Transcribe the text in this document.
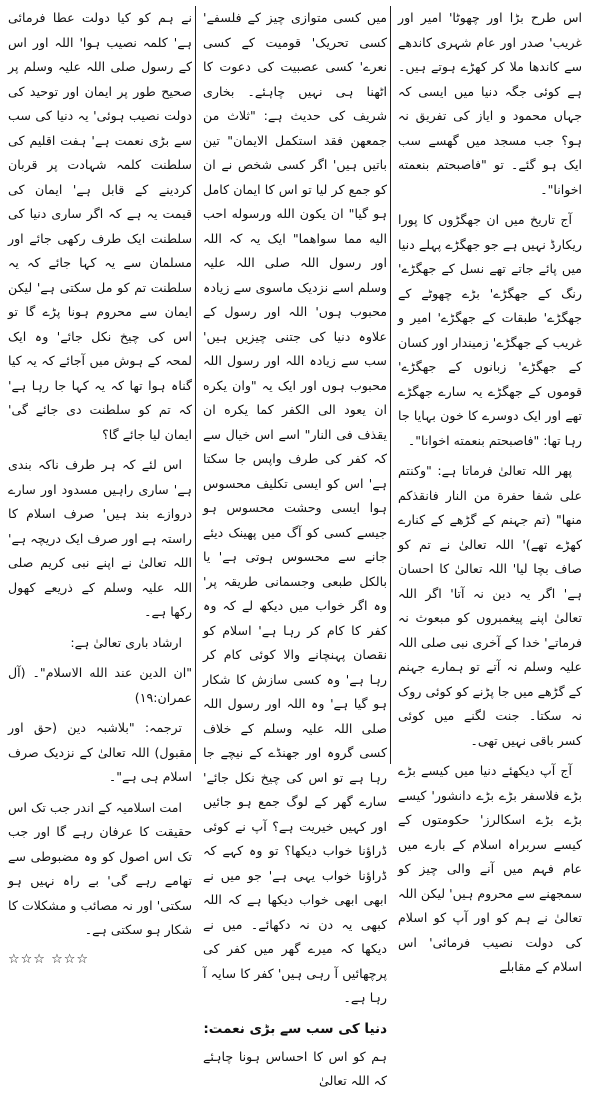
اس طرح بڑا اور چھوٹا' امیر اور غریب' صدر اور عام شہری کاندھے سے کاندھا ملا کر کھڑے ہوتے ہیں۔ ہے کوئی جگہ دنیا میں ایسی کہ جہاں محمود و ایاز کی تفریق نہ ہو؟ جب مسجد میں گھسے سب ایک ہو گئے۔ تو "فاصبحتم بنعمته اخوانا"۔

آج تاریخ میں ان جھگڑوں کا پورا ریکارڈ نہیں ہے جو جھگڑے پہلے دنیا میں پائے جاتے تھے نسل کے جھگڑے' رنگ کے جھگڑے' بڑے چھوٹے کے جھگڑے' طبقات کے جھگڑے' امیر و غریب کے جھگڑے' زمیندار اور کسان کے جھگڑے' زبانوں کے جھگڑے' قوموں کے جھگڑے یہ سارے جھگڑے تھے اور ایک دوسرے کا خون بہایا جا رہا تھا: "فاصبحتم بنعمته اخوانا"۔

پھر اللہ تعالیٰ فرماتا ہے: "وکنتم علی شفا حفرة من النار فانقذکم منها" (تم جہنم کے گڑھے کے کنارے کھڑے تھے)' اللہ تعالیٰ نے تم کو صاف بچا لیا' اللہ تعالیٰ کا احسان ہے' اگر یہ دین نہ آتا' اگر اللہ تعالیٰ اپنے پیغمبروں کو مبعوث نہ فرماتے' خدا کے آخری نبی صلی اللہ علیہ وسلم نہ آتے تو ہمارے جہنم کے گڑھے میں جا پڑنے کو کوئی روک نہ سکتا۔ جنت لگنے میں کوئی کسر باقی نہیں تھی۔

آج آپ دیکھئے دنیا میں کیسے بڑے بڑے فلاسفر بڑے بڑے دانشور' کیسے بڑے بڑے اسکالرز' حکومتوں کے کیسے سربراہ اسلام کے بارے میں عام فہم میں آنے والی چیز کو سمجھنے سے محروم ہیں' لیکن اللہ تعالیٰ نے ہم کو اور آپ کو اسلام کی دولت نصیب فرمائی' اس اسلام کے مقابلے

میں کسی متوازی چیز کے فلسفے' کسی تحریک' قومیت کے کسی نعرے' کسی عصبیت کی دعوت کا اٹھنا ہی نہیں چاہئے۔ بخاری شریف کی حدیث ہے: "ثلاث من جمعهن فقد استکمل الایمان" تین باتیں ہیں' اگر کسی شخص نے ان کو جمع کر لیا تو اس کا ایمان کامل ہو گیا" ان یکون الله ورسوله احب الیه مما سواهما" ایک یہ کہ اللہ اور رسول اللہ صلی اللہ علیہ وسلم اسے نزدیک ماسوی سے زیادہ محبوب ہوں' اللہ اور رسول کے علاوہ دنیا کی جتنی چیزیں ہیں' سب سے زیادہ اللہ اور رسول اللہ محبوب ہوں اور ایک یہ "وان یکره ان یعود الی الکفر کما یکره ان یقذف فی النار" اسے اس خیال سے کہ کفر کی طرف واپس جا سکتا ہے' اس کو ایسی تکلیف محسوس ہوا ایسی وحشت محسوس ہو جیسے کسی کو آگ میں پھینک دیئے جانے سے محسوس ہوتی ہے' یا بالکل طبعی وجسمانی طریقہ پر' وہ اگر خواب میں دیکھ لے کہ وہ کفر کا کام کر رہا ہے' اسلام کو نقصان پہنچانے والا کوئی کام کر رہا ہے' وہ کسی سازش کا شکار ہو گیا ہے' وہ اللہ اور رسول اللہ صلی اللہ علیہ وسلم کے خلاف کسی گروہ اور جھنڈے کے نیچے جا رہا ہے تو اس کی چیخ نکل جائے' سارے گھر کے لوگ جمع ہو جائیں اور کہیں خیریت ہے؟ آپ نے کوئی ڈراؤنا خواب دیکھا؟ تو وہ کہے کہ ڈراؤنا خواب یہی ہے' جو میں نے ابھی ابھی خواب دیکھا ہے کہ اللہ کبھی یہ دن نہ دکھائے۔ میں نے دیکھا کہ میرے گھر میں کفر کی پرچھائیں آ رہی ہیں' کفر کا سایہ آ رہا ہے۔

دنیا کی سب سے بڑی نعمت:

ہم کو اس کا احساس ہونا چاہئے کہ اللہ تعالیٰ

نے ہم کو کیا دولت عطا فرمائی ہے' کلمہ نصیب ہوا' اللہ اور اس کے رسول صلی اللہ علیہ وسلم پر صحیح طور پر ایمان اور توحید کی دولت نصیب ہوئی' یہ دنیا کی سب سے بڑی نعمت ہے' ہفت اقلیم کی سلطنت کلمہ شہادت پر قربان کردینے کے قابل ہے' ایمان کی قیمت یہ ہے کہ اگر ساری دنیا کی سلطنت ایک طرف رکھی جائے اور مسلمان سے یہ کہا جائے کہ یہ سلطنت تم کو مل سکتی ہے' لیکن ایمان سے محروم ہونا پڑے گا تو اس کی چیخ نکل جائے' وہ ایک لمحہ کے ہوش میں آجائے کہ یہ کیا گناہ ہوا تھا کہ یہ کہا جا رہا ہے' کہ تم کو سلطنت دی جائے گی' ایمان لیا جائے گا؟

اس لئے کہ ہر طرف ناکہ بندی ہے' ساری راہیں مسدود اور سارے دروازے بند ہیں' صرف اسلام کا راستہ ہے اور صرف ایک دریچہ ہے' اللہ تعالیٰ نے اپنے نبی کریم صلی اللہ علیہ وسلم کے ذریعے کھول رکھا ہے۔

ارشاد باری تعالیٰ ہے:

"ان الدین عند الله الاسلام"۔ (آل عمران:۱۹)

ترجمہ: "بلاشبہ دین (حق اور مقبول) اللہ تعالیٰ کے نزدیک صرف اسلام ہی ہے"۔

امت اسلامیہ کے اندر جب تک اس حقیقت کا عرفان رہے گا اور جب تک اس اصول کو وہ مضبوطی سے تھامے رہے گی' بے راہ نہیں ہو سکتی' اور نہ مصائب و مشکلات کا شکار ہو سکتی ہے۔

☆☆☆ ☆☆☆
